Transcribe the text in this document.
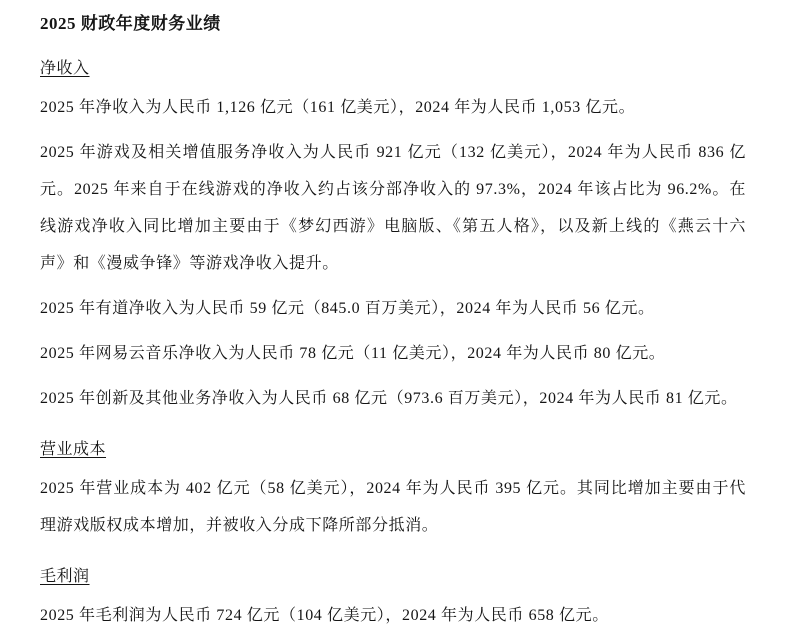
2025 财政年度财务业绩
净收入

2025 年净收入为人民币 1,126 亿元（161 亿美元），2024 年为人民币 1,053 亿元。

2025 年游戏及相关增值服务净收入为人民币 921 亿元（132 亿美元），2024 年为人民币 836 亿元。2025 年来自于在线游戏的净收入约占该分部净收入的 97.3%，2024 年该占比为 96.2%。在线游戏净收入同比增加主要由于《梦幻西游》电脑版、《第五人格》，以及新上线的《燕云十六声》和《漫威争锋》等游戏净收入提升。

2025 年有道净收入为人民币 59 亿元（845.0 百万美元），2024 年为人民币 56 亿元。

2025 年网易云音乐净收入为人民币 78 亿元（11 亿美元），2024 年为人民币 80 亿元。

2025 年创新及其他业务净收入为人民币 68 亿元（973.6 百万美元），2024 年为人民币 81 亿元。

营业成本

2025 年营业成本为 402 亿元（58 亿美元），2024 年为人民币 395 亿元。其同比增加主要由于代理游戏版权成本增加，并被收入分成下降所部分抵消。

毛利润

2025 年毛利润为人民币 724 亿元（104 亿美元），2024 年为人民币 658 亿元。
